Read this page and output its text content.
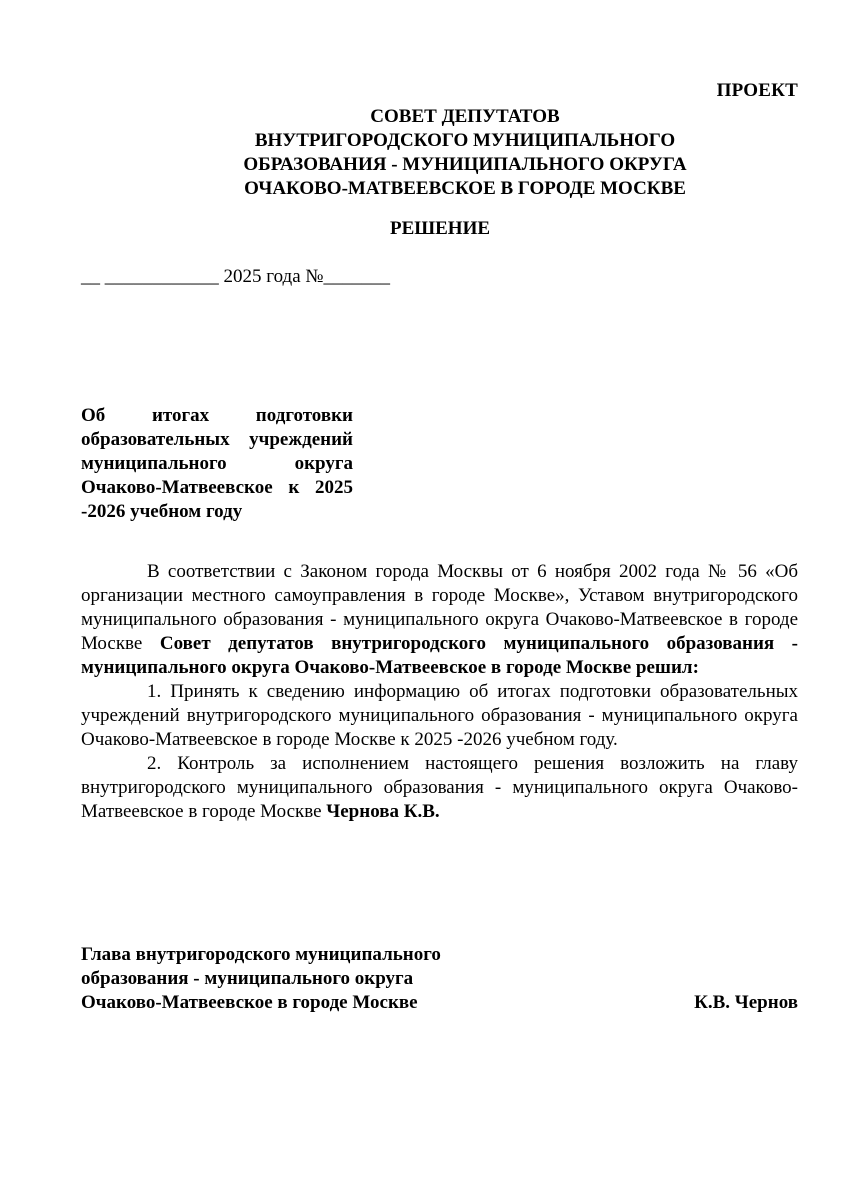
ПРОЕКТ
СОВЕТ ДЕПУТАТОВ
ВНУТРИГОРОДСКОГО МУНИЦИПАЛЬНОГО
ОБРАЗОВАНИЯ - МУНИЦИПАЛЬНОГО ОКРУГА
ОЧАКОВО-МАТВЕЕВСКОЕ В ГОРОДЕ МОСКВЕ
РЕШЕНИЕ
__ ____________ 2025 года №_______
Об итогах подготовки
образовательных учреждений
муниципального округа
Очаково-Матвеевское к 2025
-2026 учебном году

В соответствии с Законом города Москвы от 6 ноября 2002 года № 56 «Об организации местного самоуправления в городе Москве», Уставом внутригородского муниципального образования - муниципального округа Очаково-Матвеевское в городе Москве Совет депутатов внутригородского муниципального образования - муниципального округа Очаково-Матвеевское в городе Москве решил:

1. Принять к сведению информацию об итогах подготовки образовательных учреждений внутригородского муниципального образования - муниципального округа Очаково-Матвеевское в городе Москве к 2025 -2026 учебном году.

2. Контроль за исполнением настоящего решения возложить на главу внутригородского муниципального образования - муниципального округа Очаково-Матвеевское в городе Москве Чернова К.В.

Глава внутригородского муниципального
образования - муниципального округа
Очаково-Матвеевское в городе Москве	К.В. Чернов
